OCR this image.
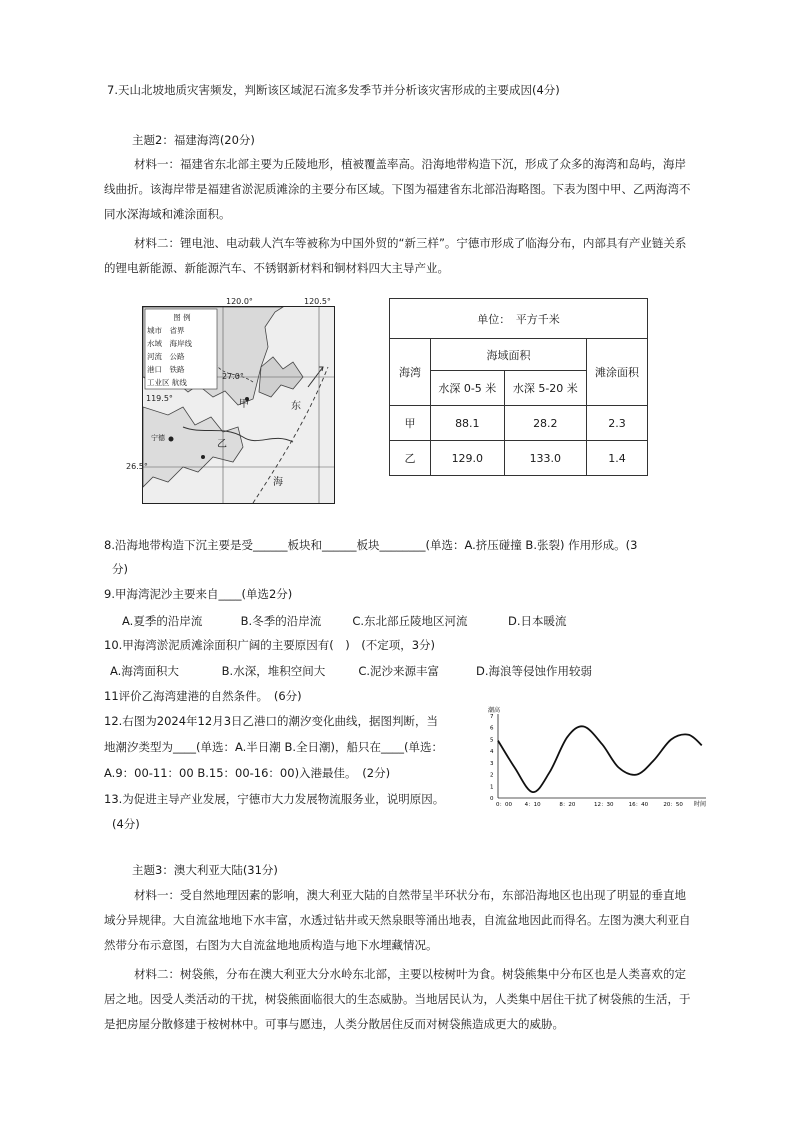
7.天山北坡地质灾害频发，判断该区域泥石流多发季节并分析该灾害形成的主要成因(4分)
主题2：福建海湾(20分)
材料一：福建省东北部主要为丘陵地形，植被覆盖率高。沿海地带构造下沉，形成了众多的海湾和岛屿，海岸线曲折。该海岸带是福建省淤泥质滩涂的主要分布区域。下图为福建省东北部沿海略图。下表为图中甲、乙两海湾不同水深海域和滩涂面积。
材料二：锂电池、电动载人汽车等被称为中国外贸的“新三样”。宁德市形成了临海分布，内部具有产业链关系的锂电新能源、新能源汽车、不锈钢新材料和铜材料四大主导产业。
图 例
城市　 省界
水域　 海岸线
河流　 公路
港口　 铁路
工业区 航线
甲	东
乙
海
宁德
120.0°	120.5°
119.5°
27.0°
26.5°
单位：　平方千米			
海湾	海域面积		滩涂面积
	水深 0-5 米	水深 5-20 米	
甲	88.1	28.2	2.3
乙	129.0	133.0	1.4
8.沿海地带构造下沉主要是受______板块和______板块________(单选：A.挤压碰撞 B.张裂) 作用形成。(3
分)
9.甲海湾泥沙主要来自____(单选2分)
A.夏季的沿岸流	B.冬季的沿岸流	C.东北部丘陵地区河流	D.日本暖流
10.甲海湾淤泥质滩涂面积广阔的主要原因有(　)　(不定项，3分)
A.海湾面积大	B.水深，堆积空间大	C.泥沙来源丰富	D.海浪等侵蚀作用较弱
11评价乙海湾建港的自然条件。　(6分)
12.右图为2024年12月3日乙港口的潮汐变化曲线，据图判断，当
地潮汐类型为____(单选：A.半日潮 B.全日潮)，船只在____(单选：
A.9：00-11：00 B.15：00-16：00)入港最佳。　(2分)
13.为促进主导产业发展，宁德市大力发展物流服务业，说明原因。
(4分)
潮高
时间
0
1
2
3
4
5
6
7
0：00 4：10	8：20	12：30	16：40	20：50
主题3：澳大利亚大陆(31分)
材料一：受自然地理因素的影响，澳大利亚大陆的自然带呈半环状分布，东部沿海地区也出现了明显的垂直地域分异规律。大自流盆地地下水丰富，水透过钻井或天然泉眼等涌出地表，自流盆地因此而得名。左图为澳大利亚自然带分布示意图，右图为大自流盆地地质构造与地下水埋藏情况。
材料二：树袋熊，分布在澳大利亚大分水岭东北部，主要以桉树叶为食。树袋熊集中分布区也是人类喜欢的定居之地。因受人类活动的干扰，树袋熊面临很大的生态威胁。当地居民认为，人类集中居住干扰了树袋熊的生活，于是把房屋分散修建于桉树林中。可事与愿违，人类分散居住反而对树袋熊造成更大的威胁。
